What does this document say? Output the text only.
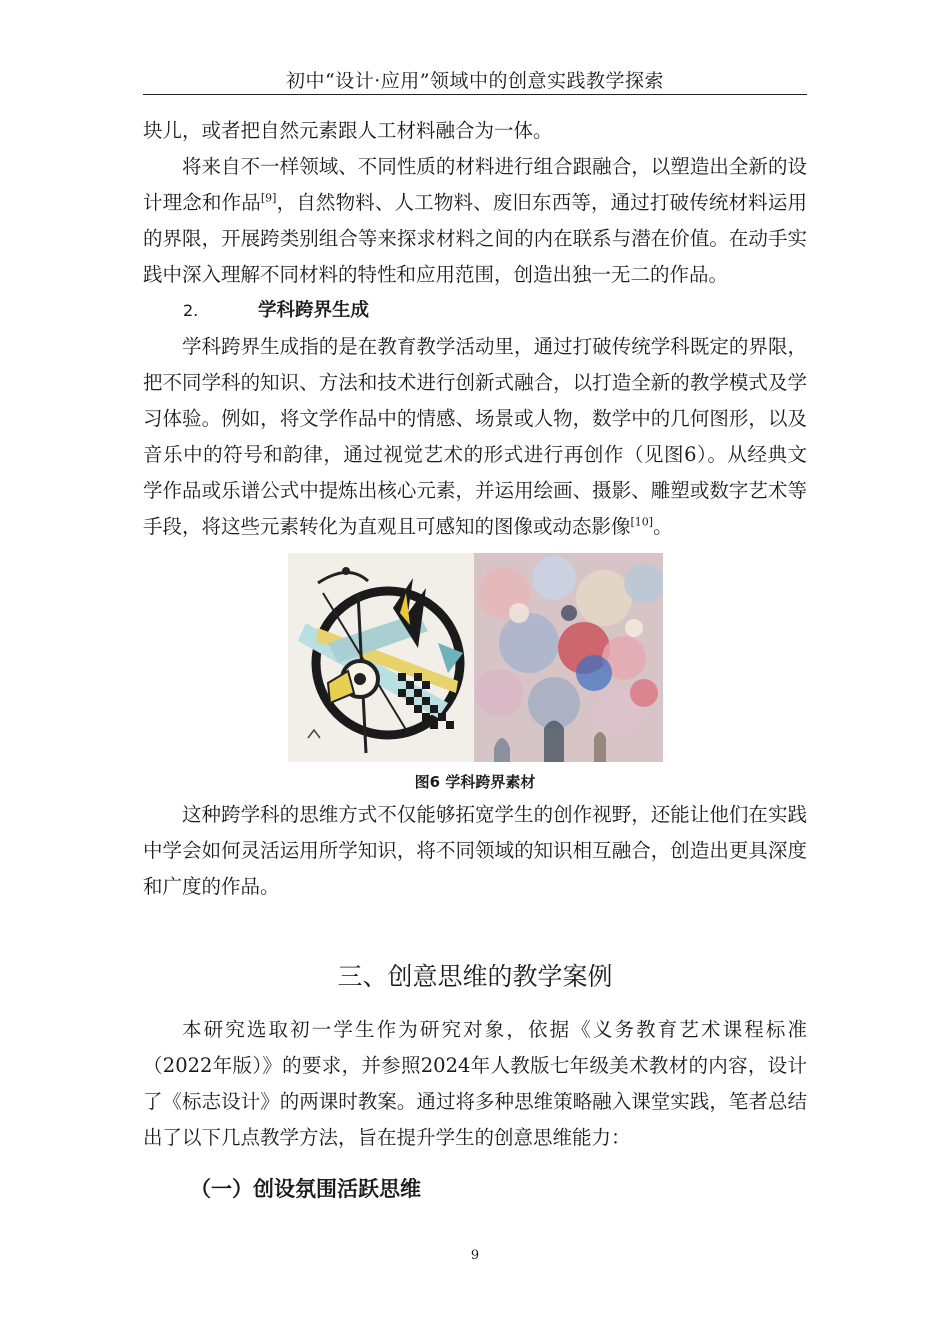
初中“设计·应用”领域中的创意实践教学探索

块儿，或者把自然元素跟人工材料融合为一体。

将来自不一样领域、不同性质的材料进行组合跟融合，以塑造出全新的设计理念和作品[9]，自然物料、人工物料、废旧东西等，通过打破传统材料运用的界限，开展跨类别组合等来探求材料之间的内在联系与潜在价值。在动手实践中深入理解不同材料的特性和应用范围，创造出独一无二的作品。

2.	学科跨界生成

学科跨界生成指的是在教育教学活动里，通过打破传统学科既定的界限，把不同学科的知识、方法和技术进行创新式融合，以打造全新的教学模式及学习体验。例如，将文学作品中的情感、场景或人物，数学中的几何图形，以及音乐中的符号和韵律，通过视觉艺术的形式进行再创作（见图6）。从经典文学作品或乐谱公式中提炼出核心元素，并运用绘画、摄影、雕塑或数字艺术等手段，将这些元素转化为直观且可感知的图像或动态影像[10]。

图6 学科跨界素材

这种跨学科的思维方式不仅能够拓宽学生的创作视野，还能让他们在实践中学会如何灵活运用所学知识，将不同领域的知识相互融合，创造出更具深度和广度的作品。

三、创意思维的教学案例

本研究选取初一学生作为研究对象，依据《义务教育艺术课程标准（2022年版）》的要求，并参照2024年人教版七年级美术教材的内容，设计了《标志设计》的两课时教案。通过将多种思维策略融入课堂实践，笔者总结出了以下几点教学方法，旨在提升学生的创意思维能力：

（一）创设氛围活跃思维
9
